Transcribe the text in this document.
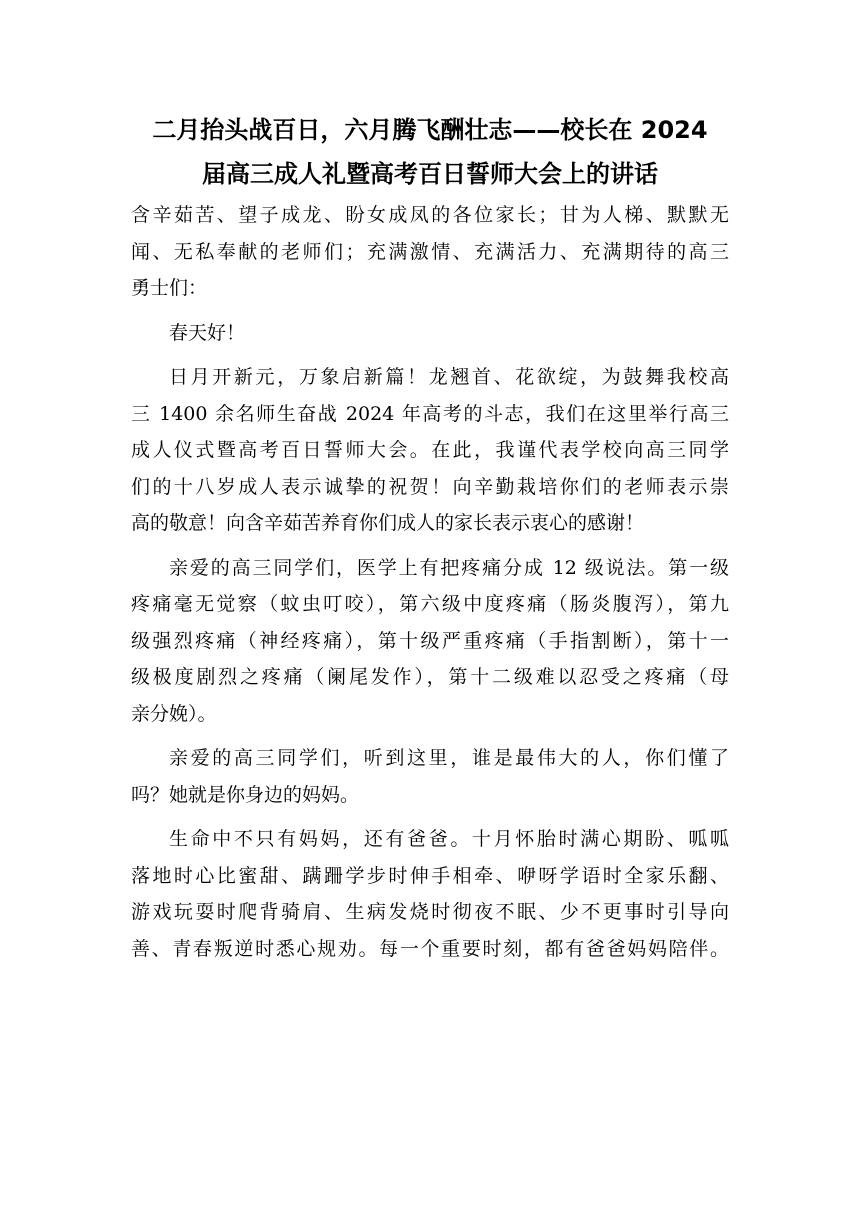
二月抬头战百日，六月腾飞酬壮志——校长在 2024
届高三成人礼暨高考百日誓师大会上的讲话

含辛茹苦、望子成龙、盼女成凤的各位家长；甘为人梯、默默无
闻、无私奉献的老师们；充满激情、充满活力、充满期待的高三
勇士们：

春天好！

日月开新元，万象启新篇！龙翘首、花欲绽，为鼓舞我校高
三 1400 余名师生奋战 2024 年高考的斗志，我们在这里举行高三
成人仪式暨高考百日誓师大会。在此，我谨代表学校向高三同学
们的十八岁成人表示诚挚的祝贺！向辛勤栽培你们的老师表示崇
高的敬意！向含辛茹苦养育你们成人的家长表示衷心的感谢！

亲爱的高三同学们，医学上有把疼痛分成 12 级说法。第一级
疼痛毫无觉察（蚊虫叮咬），第六级中度疼痛（肠炎腹泻），第九
级强烈疼痛（神经疼痛），第十级严重疼痛（手指割断），第十一
级极度剧烈之疼痛（阑尾发作），第十二级难以忍受之疼痛（母
亲分娩）。

亲爱的高三同学们，听到这里，谁是最伟大的人，你们懂了
吗？她就是你身边的妈妈。

生命中不只有妈妈，还有爸爸。十月怀胎时满心期盼、呱呱
落地时心比蜜甜、蹒跚学步时伸手相牵、咿呀学语时全家乐翻、
游戏玩耍时爬背骑肩、生病发烧时彻夜不眠、少不更事时引导向
善、青春叛逆时悉心规劝。每一个重要时刻，都有爸爸妈妈陪伴。
